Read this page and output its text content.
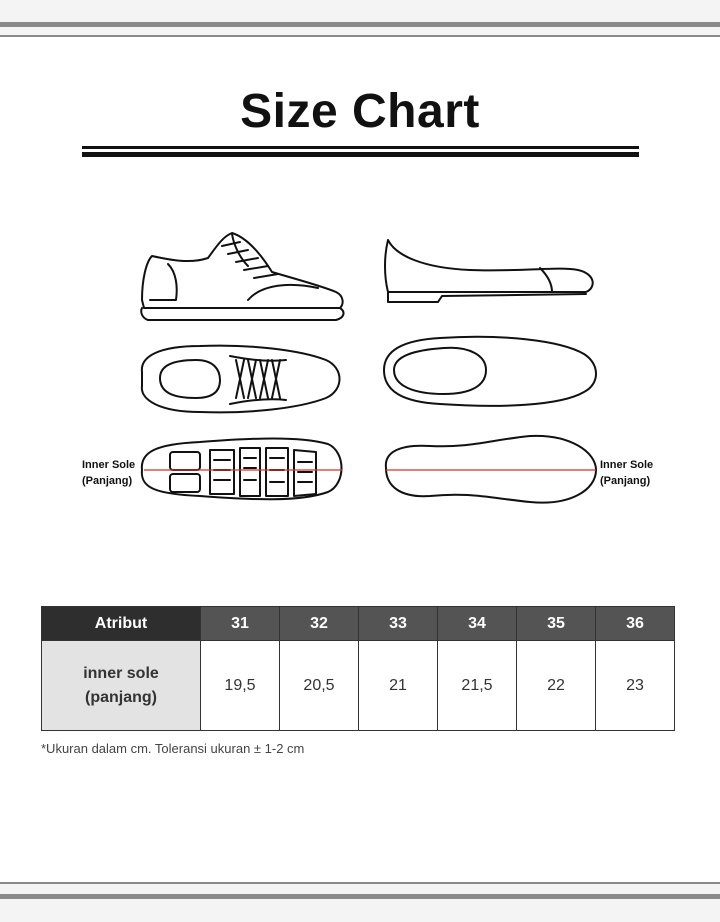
Size Chart
Inner Sole
(Panjang)
Inner Sole
(Panjang)
Atribut	31	32	33	34	35	36

inner sole
(panjang)	19,5	20,5	21	21,5	22	23
*Ukuran dalam cm. Toleransi ukuran ± 1-2 cm
